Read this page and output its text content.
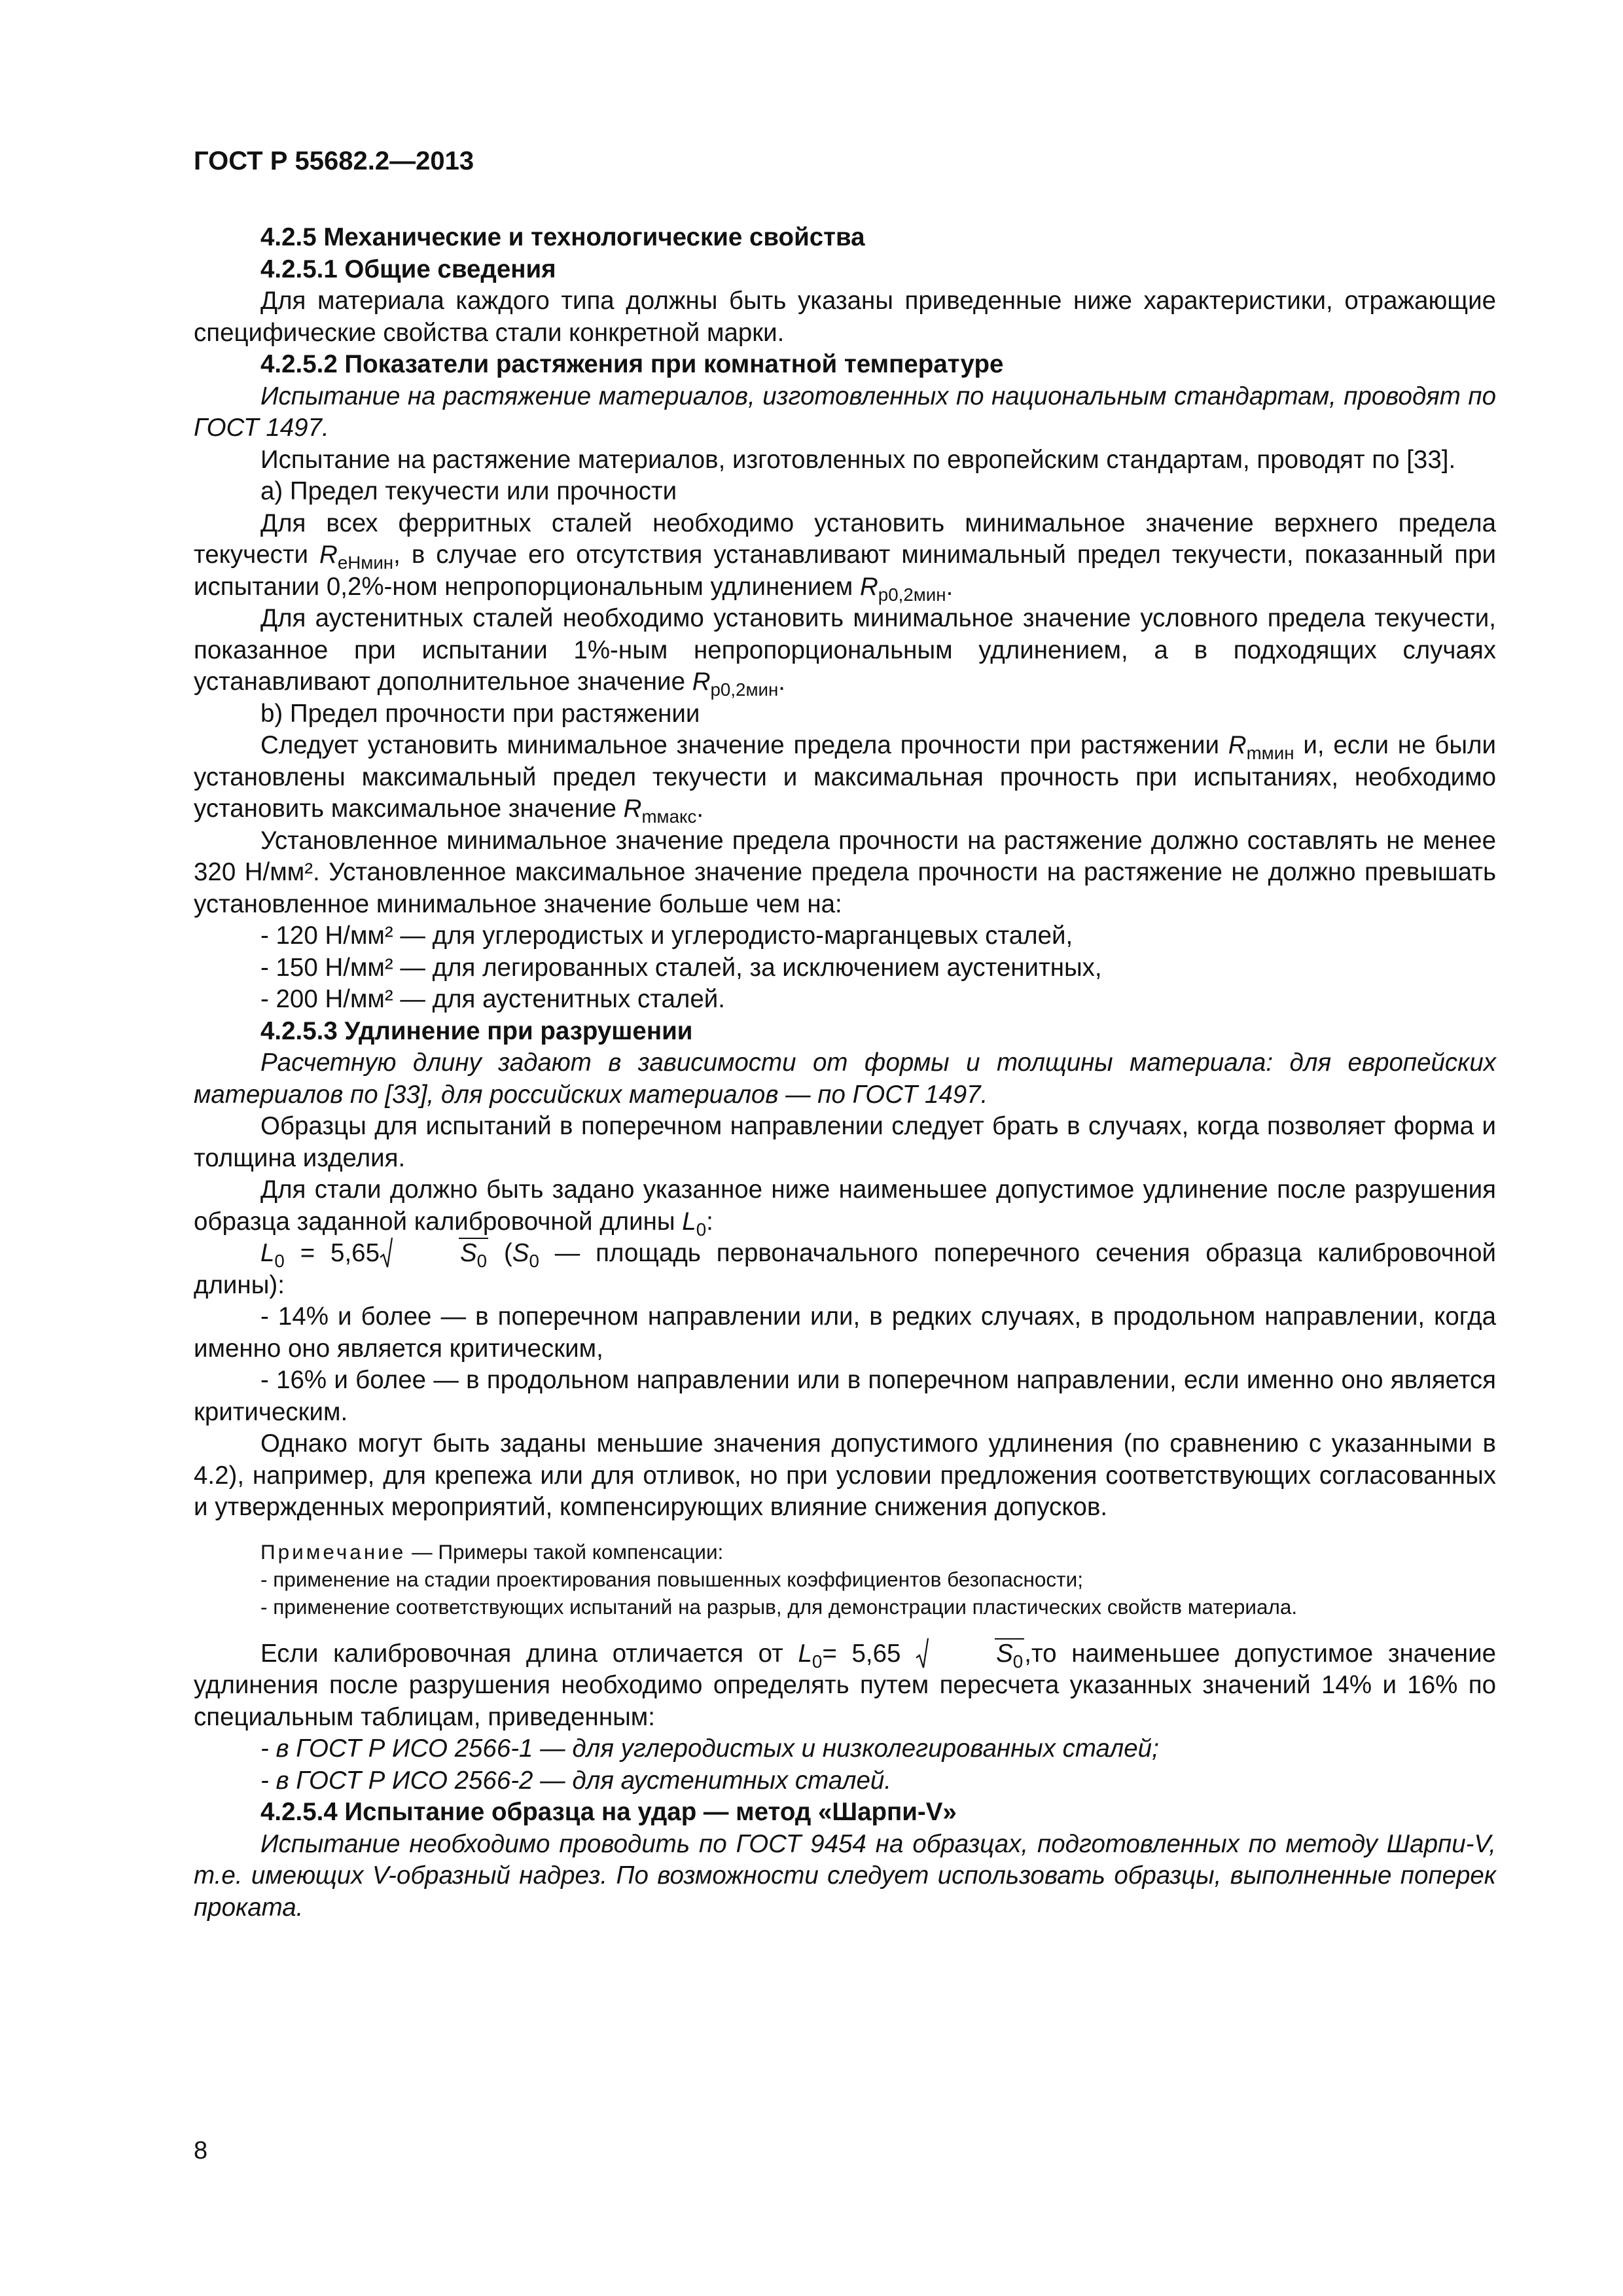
ГОСТ Р 55682.2—2013

4.2.5 Механические и технологические свойства

4.2.5.1 Общие сведения

Для материала каждого типа должны быть указаны приведенные ниже характеристики, отражающие специфические свойства стали конкретной марки.

4.2.5.2 Показатели растяжения при комнатной температуре

Испытание на растяжение материалов, изготовленных по национальным стандартам, проводят по ГОСТ 1497.

Испытание на растяжение материалов, изготовленных по европейским стандартам, проводят по [33].

а) Предел текучести или прочности

Для всех ферритных сталей необходимо установить минимальное значение верхнего предела текучести $R_{eHмин}$, в случае его отсутствия устанавливают минимальный предел текучести, показанный при испытании 0,2%-ном непропорциональным удлинением $R_{p0,2мин}$.

Для аустенитных сталей необходимо установить минимальное значение условного предела текучести, показанное при испытании 1%-ным непропорциональным удлинением, а в подходящих случаях устанавливают дополнительное значение $R_{p0,2мин}$.

b) Предел прочности при растяжении

Следует установить минимальное значение предела прочности при растяжении $R_{mмин}$ и, если не были установлены максимальный предел текучести и максимальная прочность при испытаниях, необходимо установить максимальное значение $R_{mмакс}$.

Установленное минимальное значение предела прочности на растяжение должно составлять не менее 320 Н/мм². Установленное максимальное значение предела прочности на растяжение не должно превышать установленное минимальное значение больше чем на:

- 120 Н/мм² — для углеродистых и углеродисто-марганцевых сталей,

- 150 Н/мм² — для легированных сталей, за исключением аустенитных,

- 200 Н/мм² — для аустенитных сталей.

4.2.5.3 Удлинение при разрушении

Расчетную длину задают в зависимости от формы и толщины материала: для европейских материалов по [33], для российских материалов — по ГОСТ 1497.

Образцы для испытаний в поперечном направлении следует брать в случаях, когда позволяет форма и толщина изделия.

Для стали должно быть задано указанное ниже наименьшее допустимое удлинение после разрушения образца заданной калибровочной длины $L_0$:

$L_0 = 5,65$	$S_0$ ($S_0$ — площадь первоначального поперечного сечения образца калибровочной длины):

- 14% и более — в поперечном направлении или, в редких случаях, в продольном направлении, когда именно оно является критическим,

- 16% и более — в продольном направлении или в поперечном направлении, если именно оно является критическим.

Однако могут быть заданы меньшие значения допустимого удлинения (по сравнению с указанными в 4.2), например, для крепежа или для отливок, но при условии предложения соответствующих согласованных и утвержденных мероприятий, компенсирующих влияние снижения допусков.

Примечание — Примеры такой компенсации:
- применение на стадии проектирования повышенных коэффициентов безопасности;
- применение соответствующих испытаний на разрыв, для демонстрации пластических свойств материала.

Если калибровочная длина отличается от $L_0= 5,65$	$S_0,то$ наименьшее допустимое значение удлинения после разрушения необходимо определять путем пересчета указанных значений 14% и 16% по специальным таблицам, приведенным:

- в ГОСТ Р ИСО 2566-1 — для углеродистых и низколегированных сталей;

- в ГОСТ Р ИСО 2566-2 — для аустенитных сталей.

4.2.5.4 Испытание образца на удар — метод «Шарпи-V»

Испытание необходимо проводить по ГОСТ 9454 на образцах, подготовленных по методу Шарпи-V, т.е. имеющих V-образный надрез. По возможности следует использовать образцы, выполненные поперек проката.

8
